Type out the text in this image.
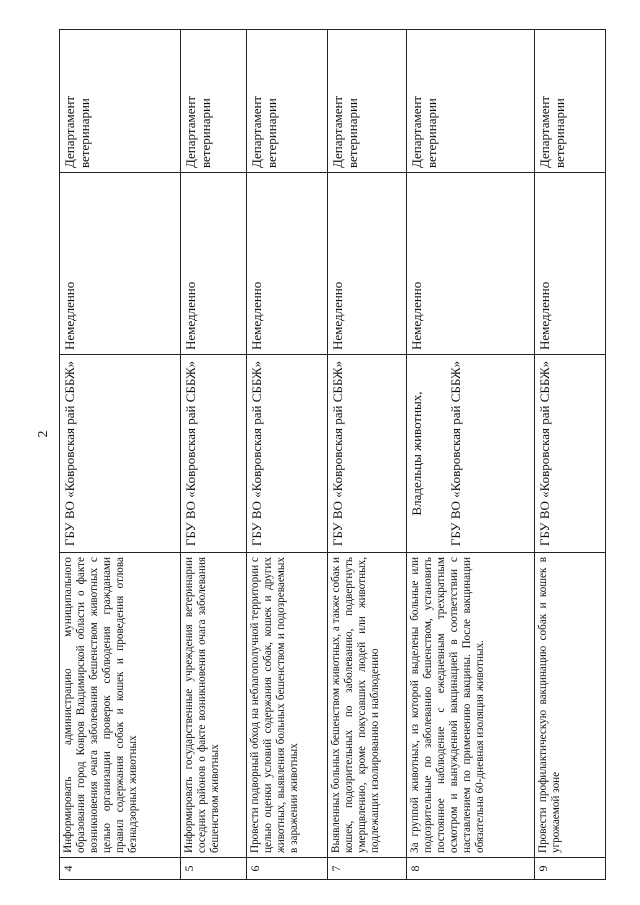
2
4	Информировать администрацию муниципального образования город Ковров Владимирской области о факте возникновения очага заболевания бешенством животных с целью организации проверок соблюдения гражданами правил содержания собак и кошек и проведения отлова безнадзорных животных	ГБУ ВО «Ковровская рай СББЖ»	Немедленно	Департамент ветеринарии
5	Информировать государственные учреждения ветеринарии соседних районов о факте возникновения очага заболевания бешенством животных	ГБУ ВО «Ковровская рай СББЖ»	Немедленно	Департамент ветеринарии
6	Провести подворный обход на неблагополучной территории с целью оценки условий содержания собак, кошек и других животных, выявления больных бешенством и подозреваемых в заражении животных	ГБУ ВО «Ковровская рай СББЖ»	Немедленно	Департамент ветеринарии
7	Выявленных больных бешенством животных, а также собак и кошек, подозрительных по заболеванию, подвергнуть умерщвлению, кроме покусавших людей или животных, подлежащих изолированию и наблюдению	ГБУ ВО «Ковровская рай СББЖ»	Немедленно	Департамент ветеринарии
8	За группой животных, из которой выделены больные или подозрительные по заболеванию бешенством, установить постоянное наблюдение с ежедневным трехкратным осмотром и вынужденной вакцинацией в соответствии с наставлением по применению вакцины. После вакцинации обязательна 60-дневная изоляция животных.	Владельцы животных, ГБУ ВО «Ковровская рай СББЖ»	Немедленно	Департамент ветеринарии
9	Провести профилактическую вакцинацию собак и кошек в угрожаемой зоне	ГБУ ВО «Ковровская рай СББЖ»	Немедленно	Департамент ветеринарии
